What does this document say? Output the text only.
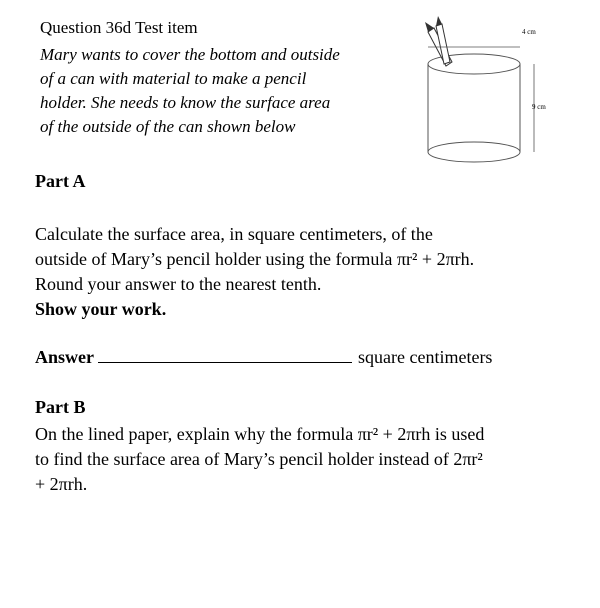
Question 36d Test item
Mary wants to cover the bottom and outside
of a can with material to make a pencil
holder. She needs to know the surface area
of the outside of the can shown below
4 cm
9 cm
Part A
Calculate the surface area, in square centimeters, of the
outside of Mary’s pencil holder using the formula πr² + 2πrh.
Round your answer to the nearest tenth.
Show your work.
Answer	square centimeters
Part B
On the lined paper, explain why the formula πr² + 2πrh is used
to find the surface area of Mary’s pencil holder instead of 2πr²
+ 2πrh.
